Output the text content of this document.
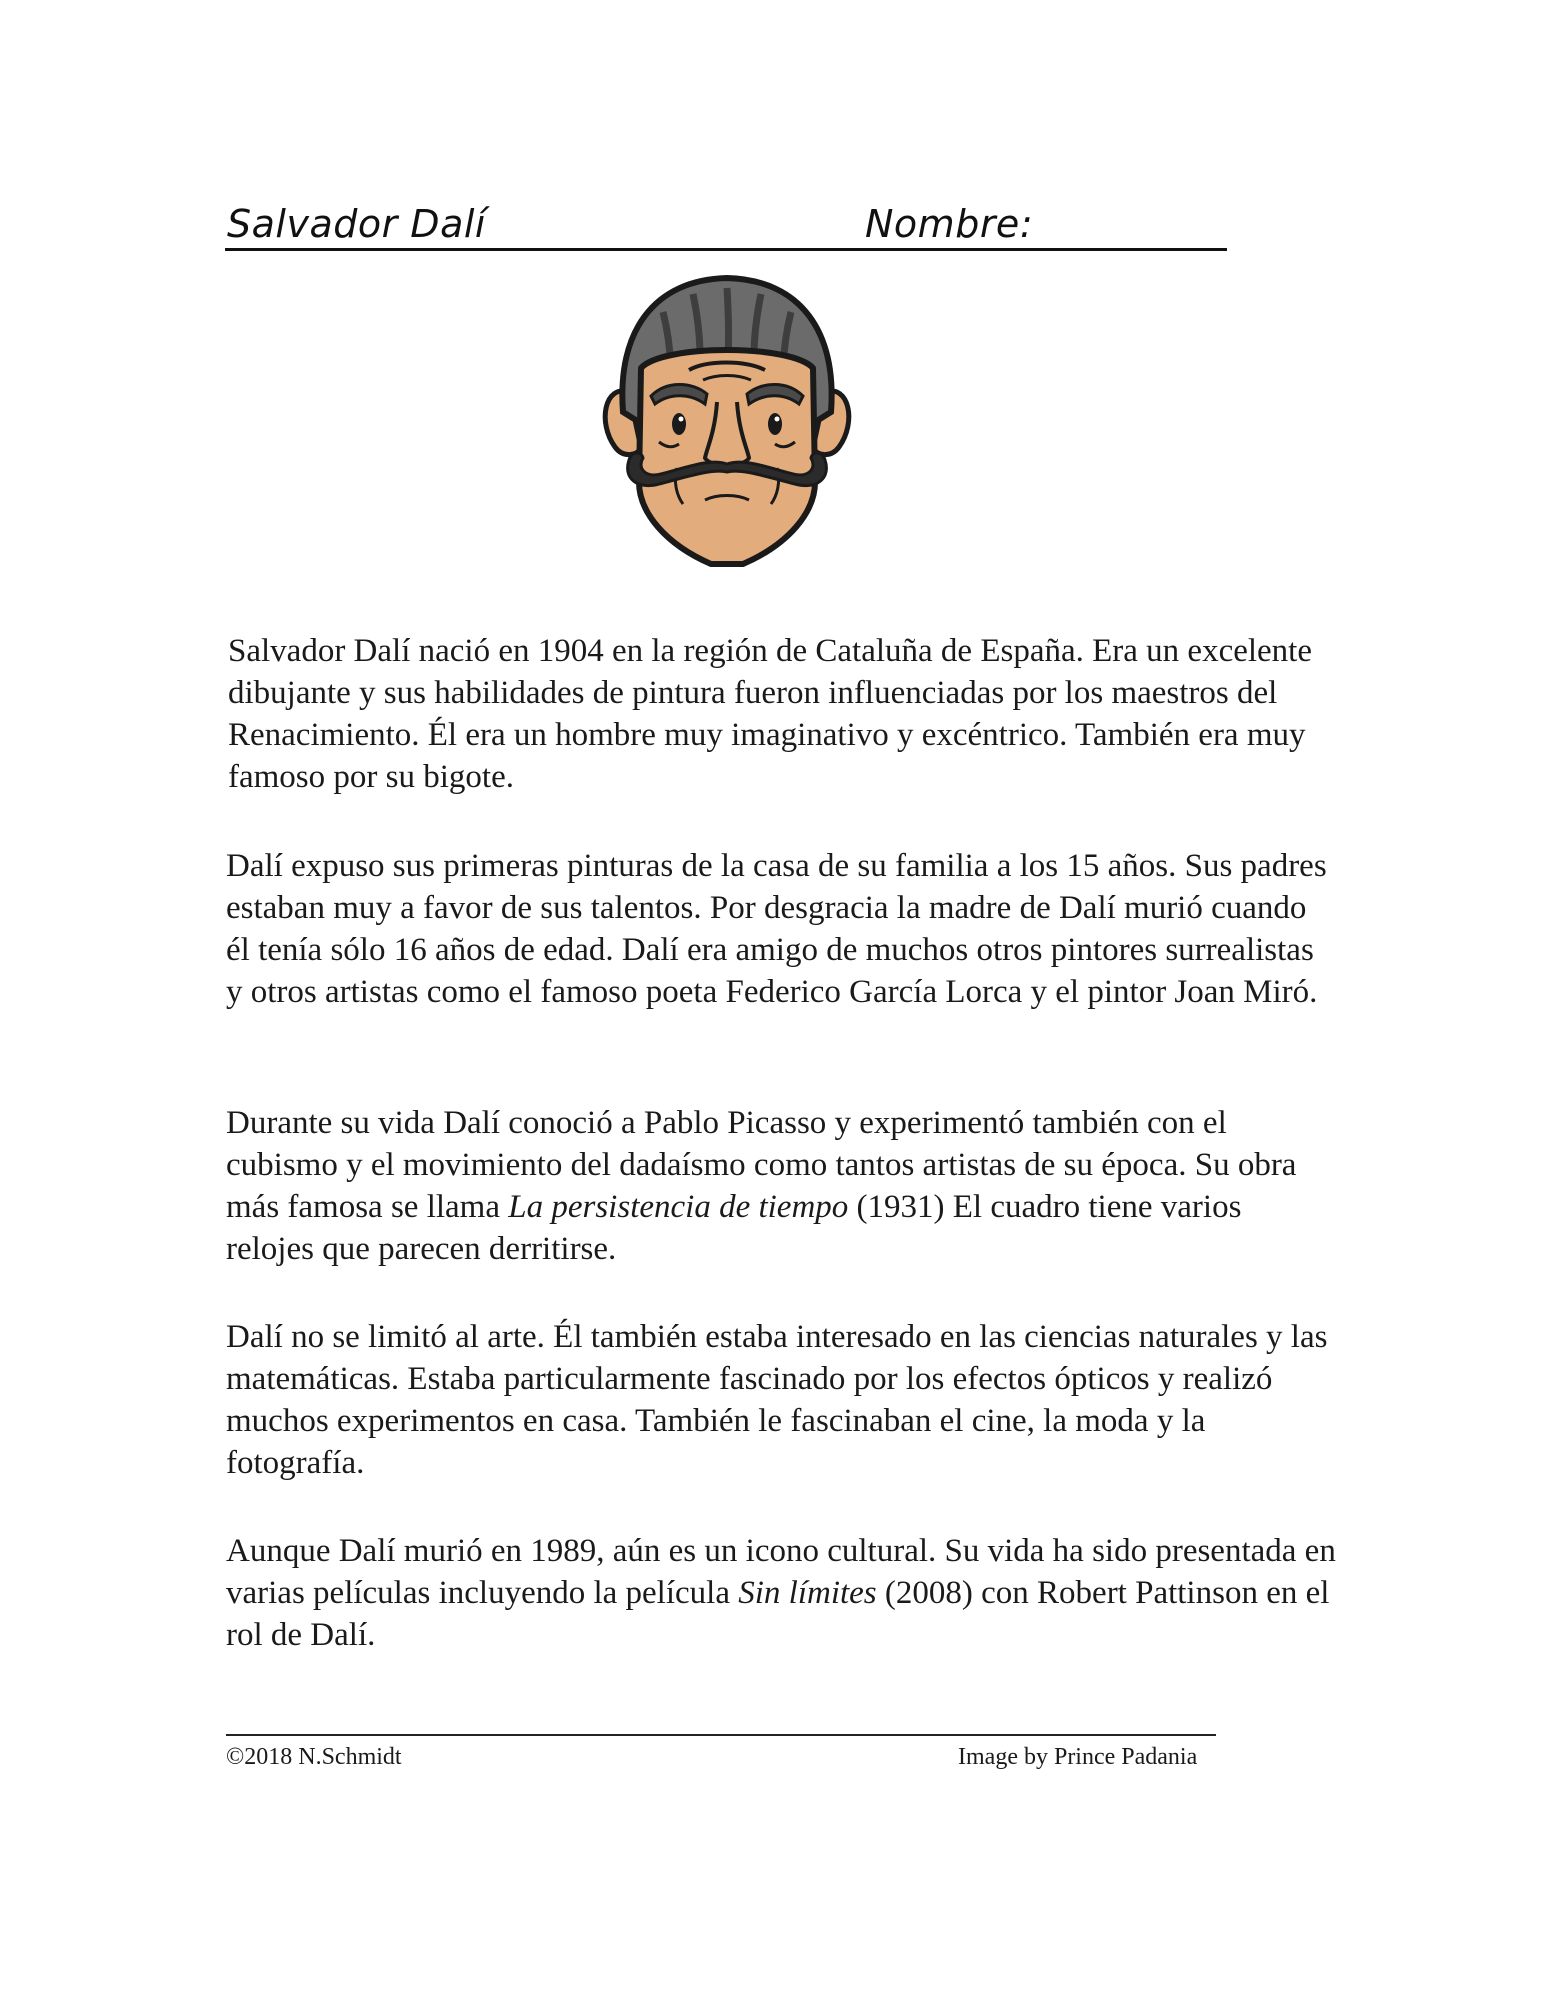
Salvador Dalí	Nombre:

Salvador Dalí nació en 1904 en la región de Cataluña de España. Era un excelente dibujante y sus habilidades de pintura fueron influenciadas por los maestros del Renacimiento. Él era un hombre muy imaginativo y excéntrico. También era muy famoso por su bigote.

Dalí expuso sus primeras pinturas de la casa de su familia a los 15 años. Sus padres estaban muy a favor de sus talentos. Por desgracia la madre de Dalí murió cuando él tenía sólo 16 años de edad. Dalí era amigo de muchos otros pintores surrealistas y otros artistas como el famoso poeta Federico García Lorca y el pintor Joan Miró.

Durante su vida Dalí conoció a Pablo Picasso y experimentó también con el cubismo y el movimiento del dadaísmo como tantos artistas de su época. Su obra más famosa se llama La persistencia de tiempo (1931) El cuadro tiene varios relojes que parecen derritirse.

Dalí no se limitó al arte. Él también estaba interesado en las ciencias naturales y las matemáticas. Estaba particularmente fascinado por los efectos ópticos y realizó muchos experimentos en casa. También le fascinaban el cine, la moda y la fotografía.

Aunque Dalí murió en 1989, aún es un icono cultural. Su vida ha sido presentada en varias películas incluyendo la película Sin límites (2008) con Robert Pattinson en el rol de Dalí.

©2018 N.Schmidt	Image by Prince Padania
